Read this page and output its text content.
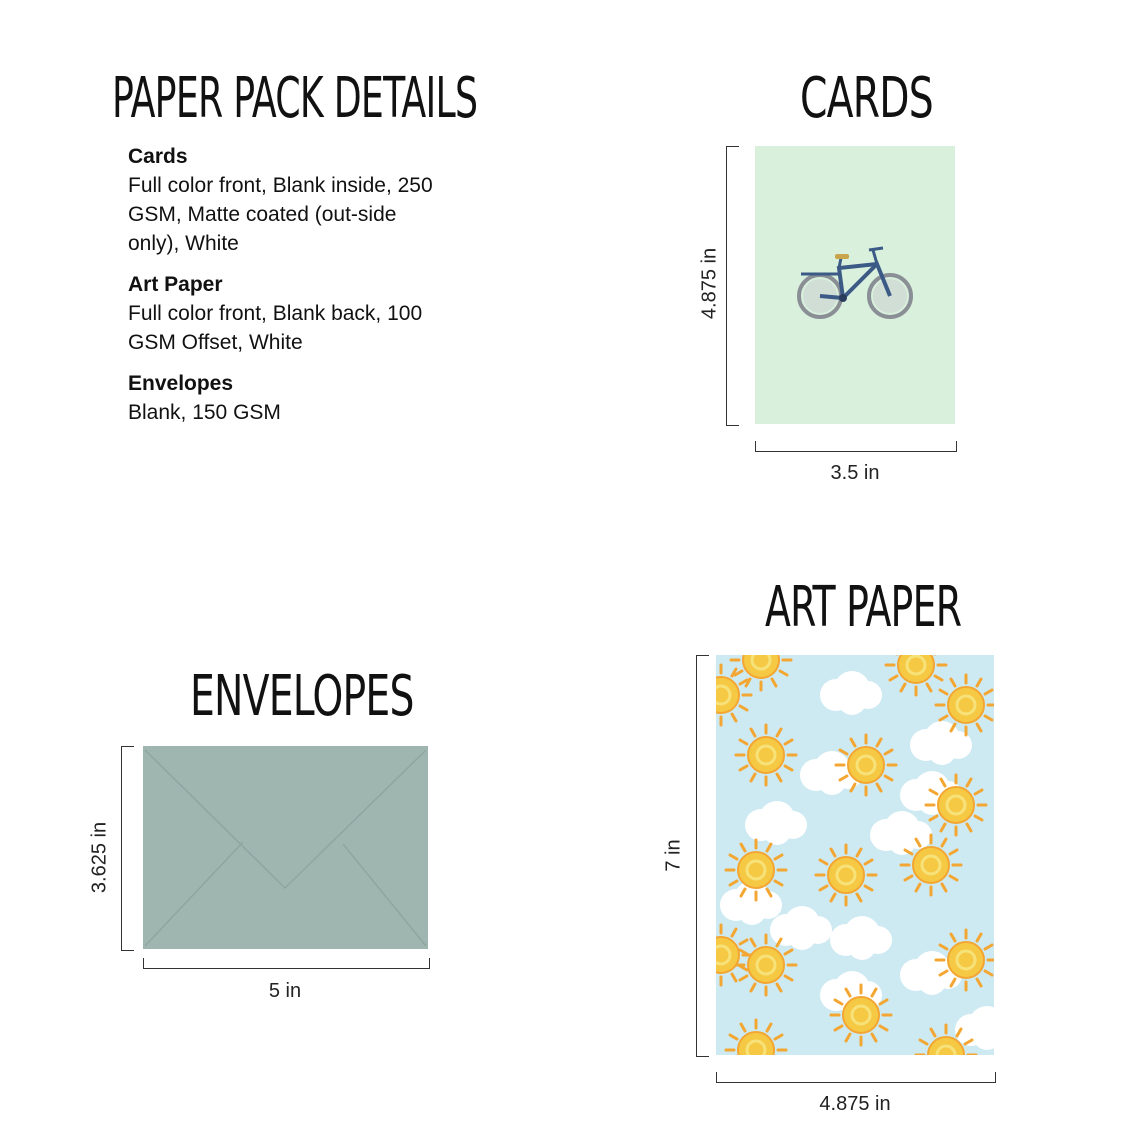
PAPER PACK DETAILS	CARDS
ENVELOPES
ART PAPER
Cards
Full color front, Blank inside, 250 GSM, Matte coated (out-side only), White
Art Paper
Full color front, Blank back, 100 GSM Offset, White
Envelopes
Blank, 150 GSM
4.875 in
3.5 in
3.625 in
5 in
7 in
4.875 in
